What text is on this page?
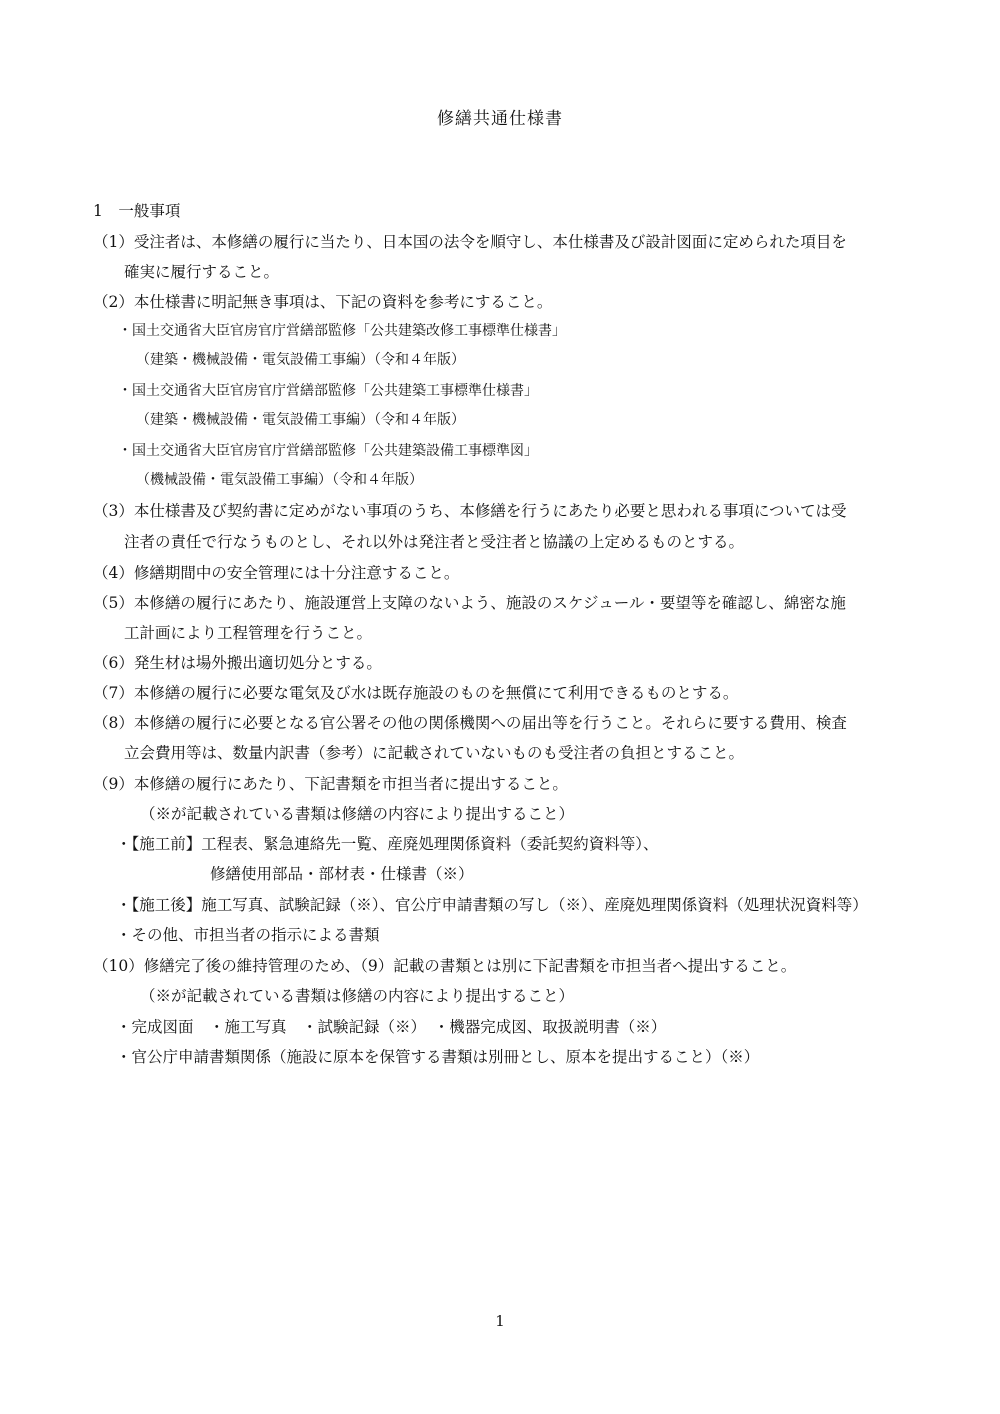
修繕共通仕様書
1　一般事項
（1）受注者は、本修繕の履行に当たり、日本国の法令を順守し、本仕様書及び設計図面に定められた項目を
確実に履行すること。
（2）本仕様書に明記無き事項は、下記の資料を参考にすること。
・国土交通省大臣官房官庁営繕部監修「公共建築改修工事標準仕様書」
（建築・機械設備・電気設備工事編）（令和４年版）
・国土交通省大臣官房官庁営繕部監修「公共建築工事標準仕様書」
（建築・機械設備・電気設備工事編）（令和４年版）
・国土交通省大臣官房官庁営繕部監修「公共建築設備工事標準図」
（機械設備・電気設備工事編）（令和４年版）
（3）本仕様書及び契約書に定めがない事項のうち、本修繕を行うにあたり必要と思われる事項については受
注者の責任で行なうものとし、それ以外は発注者と受注者と協議の上定めるものとする。
（4）修繕期間中の安全管理には十分注意すること。
（5）本修繕の履行にあたり、施設運営上支障のないよう、施設のスケジュール・要望等を確認し、綿密な施
工計画により工程管理を行うこと。
（6）発生材は場外搬出適切処分とする。
（7）本修繕の履行に必要な電気及び水は既存施設のものを無償にて利用できるものとする。
（8）本修繕の履行に必要となる官公署その他の関係機関への届出等を行うこと。それらに要する費用、検査
立会費用等は、数量内訳書（参考）に記載されていないものも受注者の負担とすること。
（9）本修繕の履行にあたり、下記書類を市担当者に提出すること。
（※が記載されている書類は修繕の内容により提出すること）
・【施工前】工程表、緊急連絡先一覧、産廃処理関係資料（委託契約資料等）、
修繕使用部品・部材表・仕様書（※）
・【施工後】施工写真、試験記録（※）、官公庁申請書類の写し（※）、産廃処理関係資料（処理状況資料等）
・その他、市担当者の指示による書類
（10）修繕完了後の維持管理のため、（9）記載の書類とは別に下記書類を市担当者へ提出すること。
（※が記載されている書類は修繕の内容により提出すること）
・完成図面　・施工写真　・試験記録（※）　・機器完成図、取扱説明書（※）
・官公庁申請書類関係（施設に原本を保管する書類は別冊とし、原本を提出すること）（※）
1
